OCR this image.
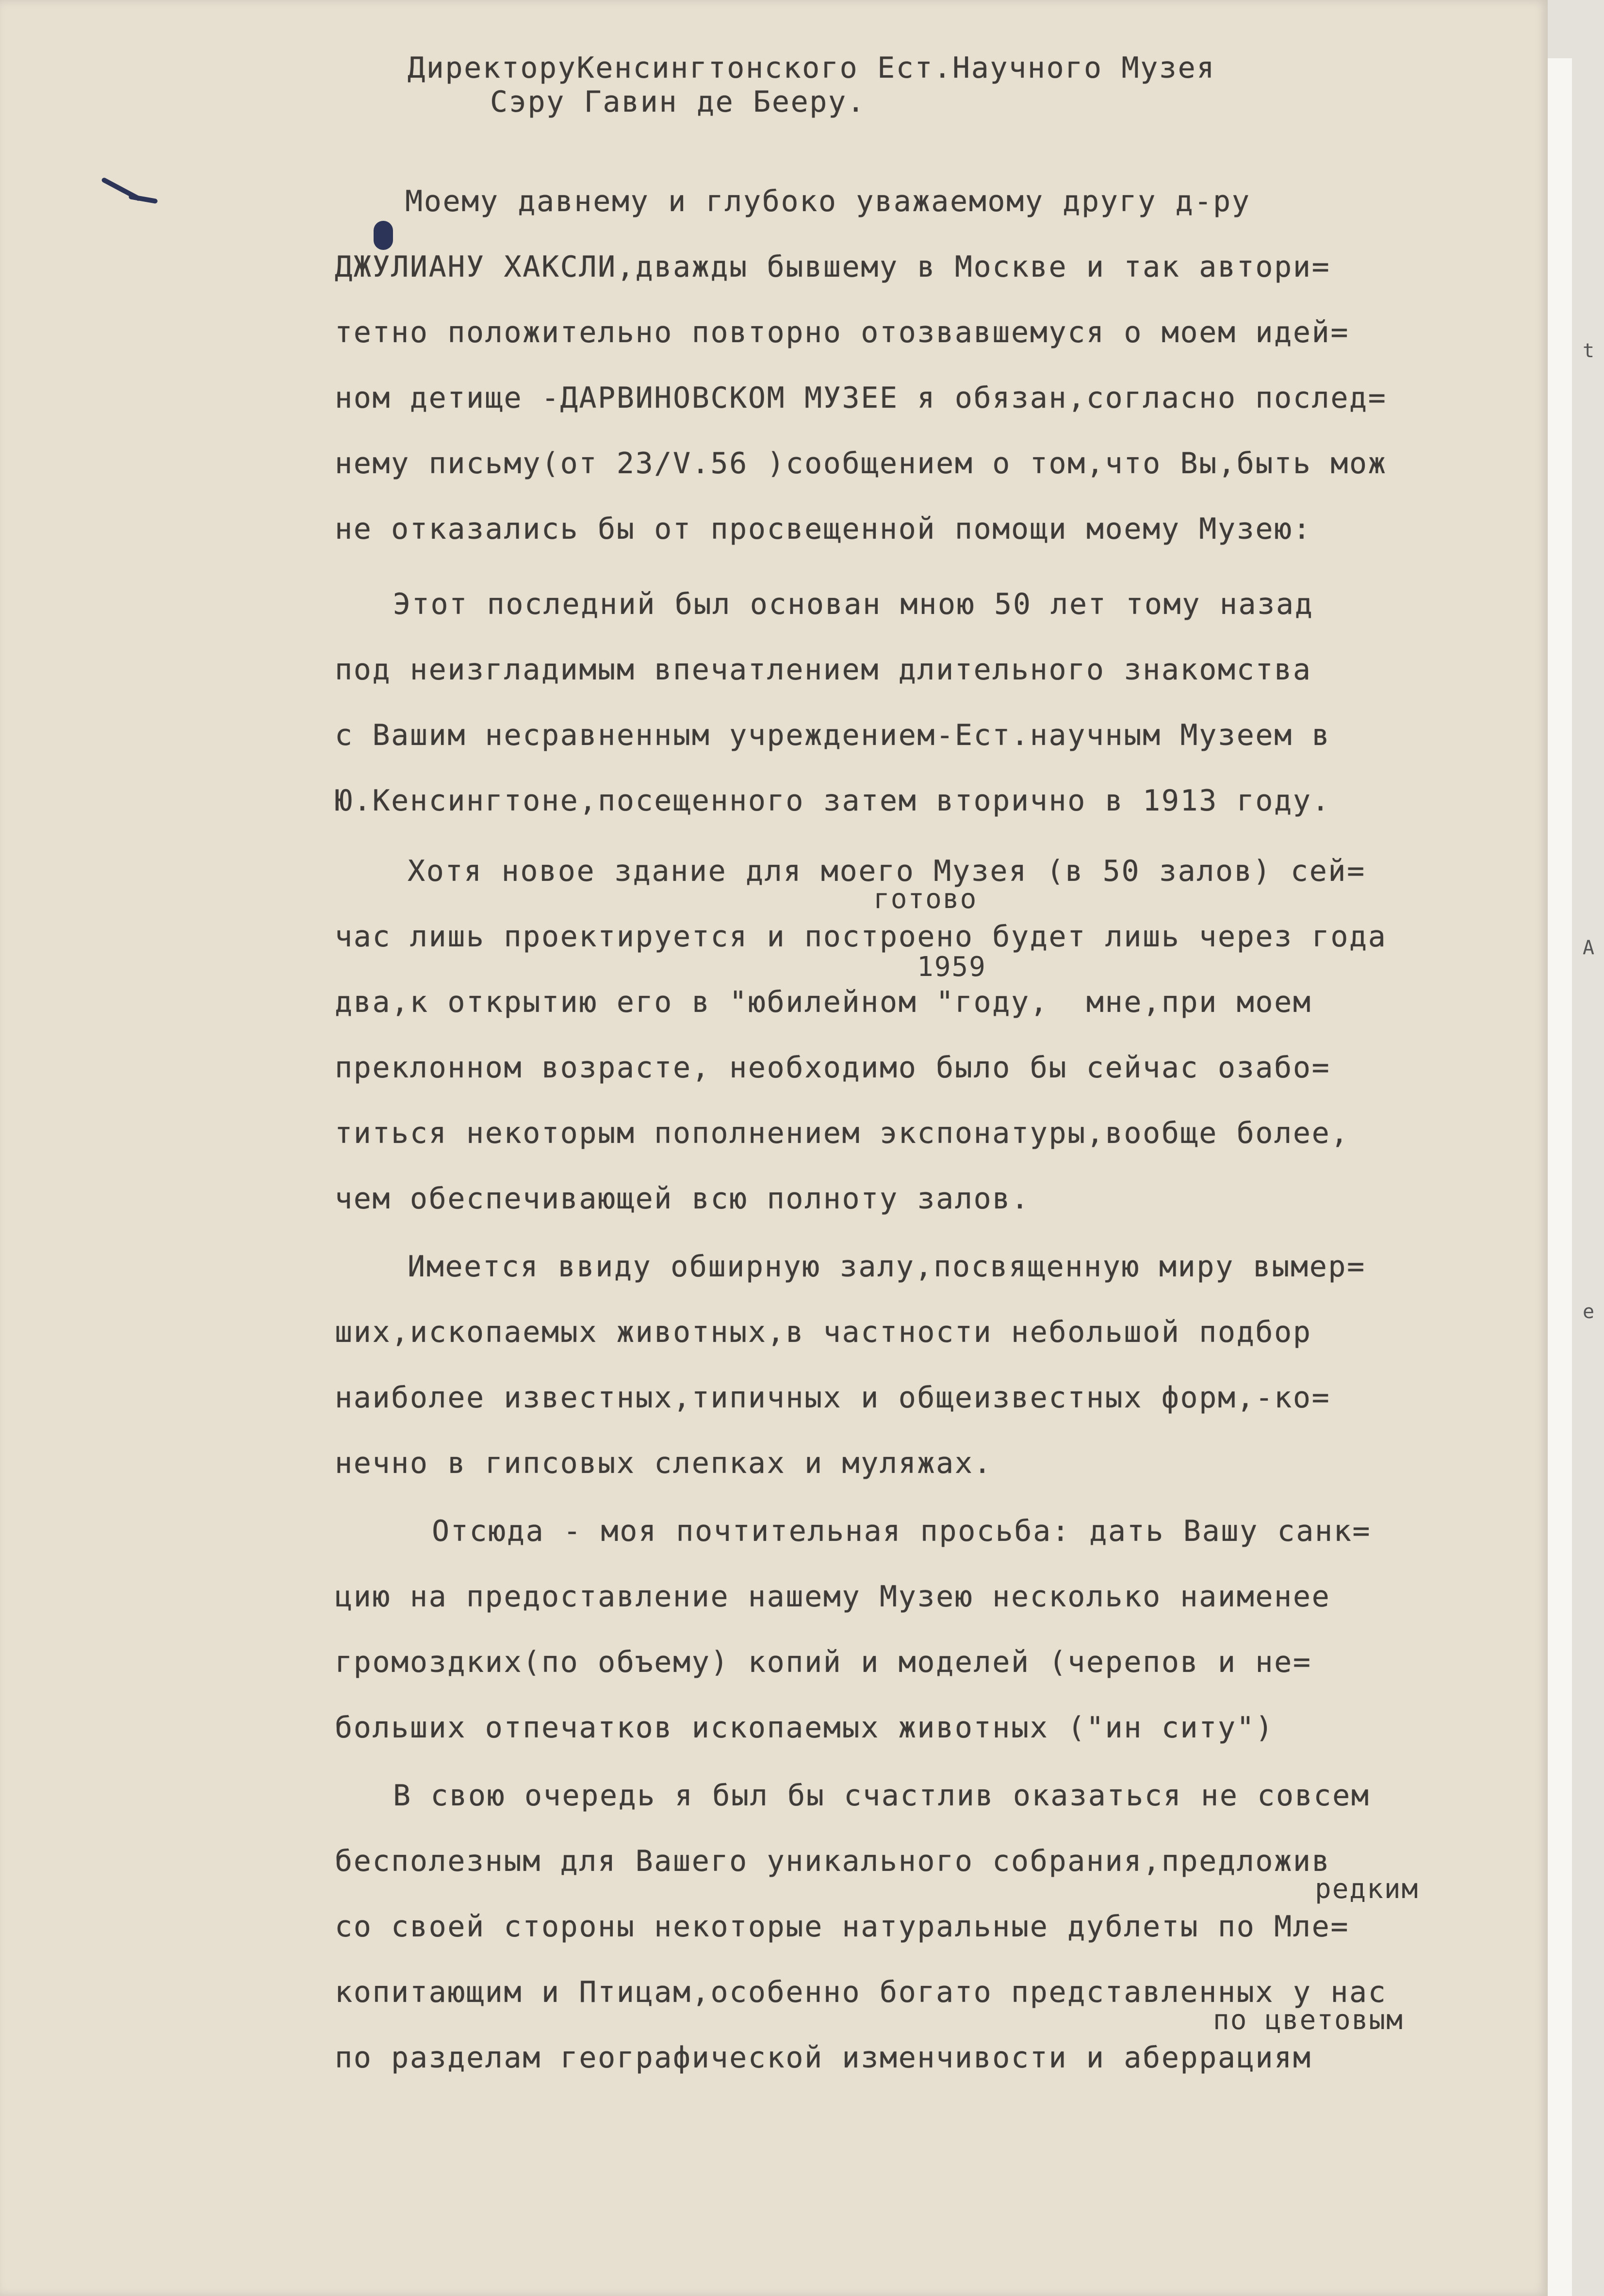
t
A
e
ДиректоруКенсингтонского Ест.Научного Музея
Сэру Гавин де Беeру.
Моему давнему и глубоко уважаемому другу д-ру
ДЖУЛИАНУ ХАКСЛИ,дважды бывшему в Москве и так автори=
тетно положительно повторно отозвавшемуся о моем идей=
ном детище -ДАРВИНОВСКОМ МУЗЕЕ я обязан,согласно послед=
нему письму(от 23/V.56 )сообщением о том,что Вы,быть мож
не отказались бы от просвещенной помощи моему Музею:
Этот последний был основан мною 50 лет тому назад
под неизгладимым впечатлением длительного знакомства
с Вашим несравненным учреждением-Ест.научным Музеем в
Ю.Кенсингтоне,посещенного затем вторично в 1913 году.
Хотя новое здание для моего Музея (в 50 залов) сей=
час лишь проектируется и построено будет лишь через года
два,к открытию его в "юбилейном "году,  мне,при моем
преклонном возрасте, необходимо было бы сейчас озабо=
титься некоторым пополнением экспонатуры,вообще более,
чем обеспечивающей всю полноту залов.
Имеется ввиду обширную залу,посвященную миру вымер=
ших,ископаемых животных,в частности небольшой подбор
наиболее известных,типичных и общеизвестных форм,-ко=
нечно в гипсовых слепках и муляжах.
Отсюда - моя почтительная просьба: дать Вашу санк=
цию на предоставление нашему Музею несколько наименее
громоздких(по объему) копий и моделей (черепов и не=
больших отпечатков ископаемых животных ("ин ситу")
В свою очередь я был бы счастлив оказаться не совсем
бесполезным для Вашего уникального собрания,предложив
со своей стороны некоторые натуральные дублеты по Мле=
копитающим и Птицам,особенно богато представленных у нас
по разделам географической изменчивости и аберрациям
готово
1959
редким
по цветовым
